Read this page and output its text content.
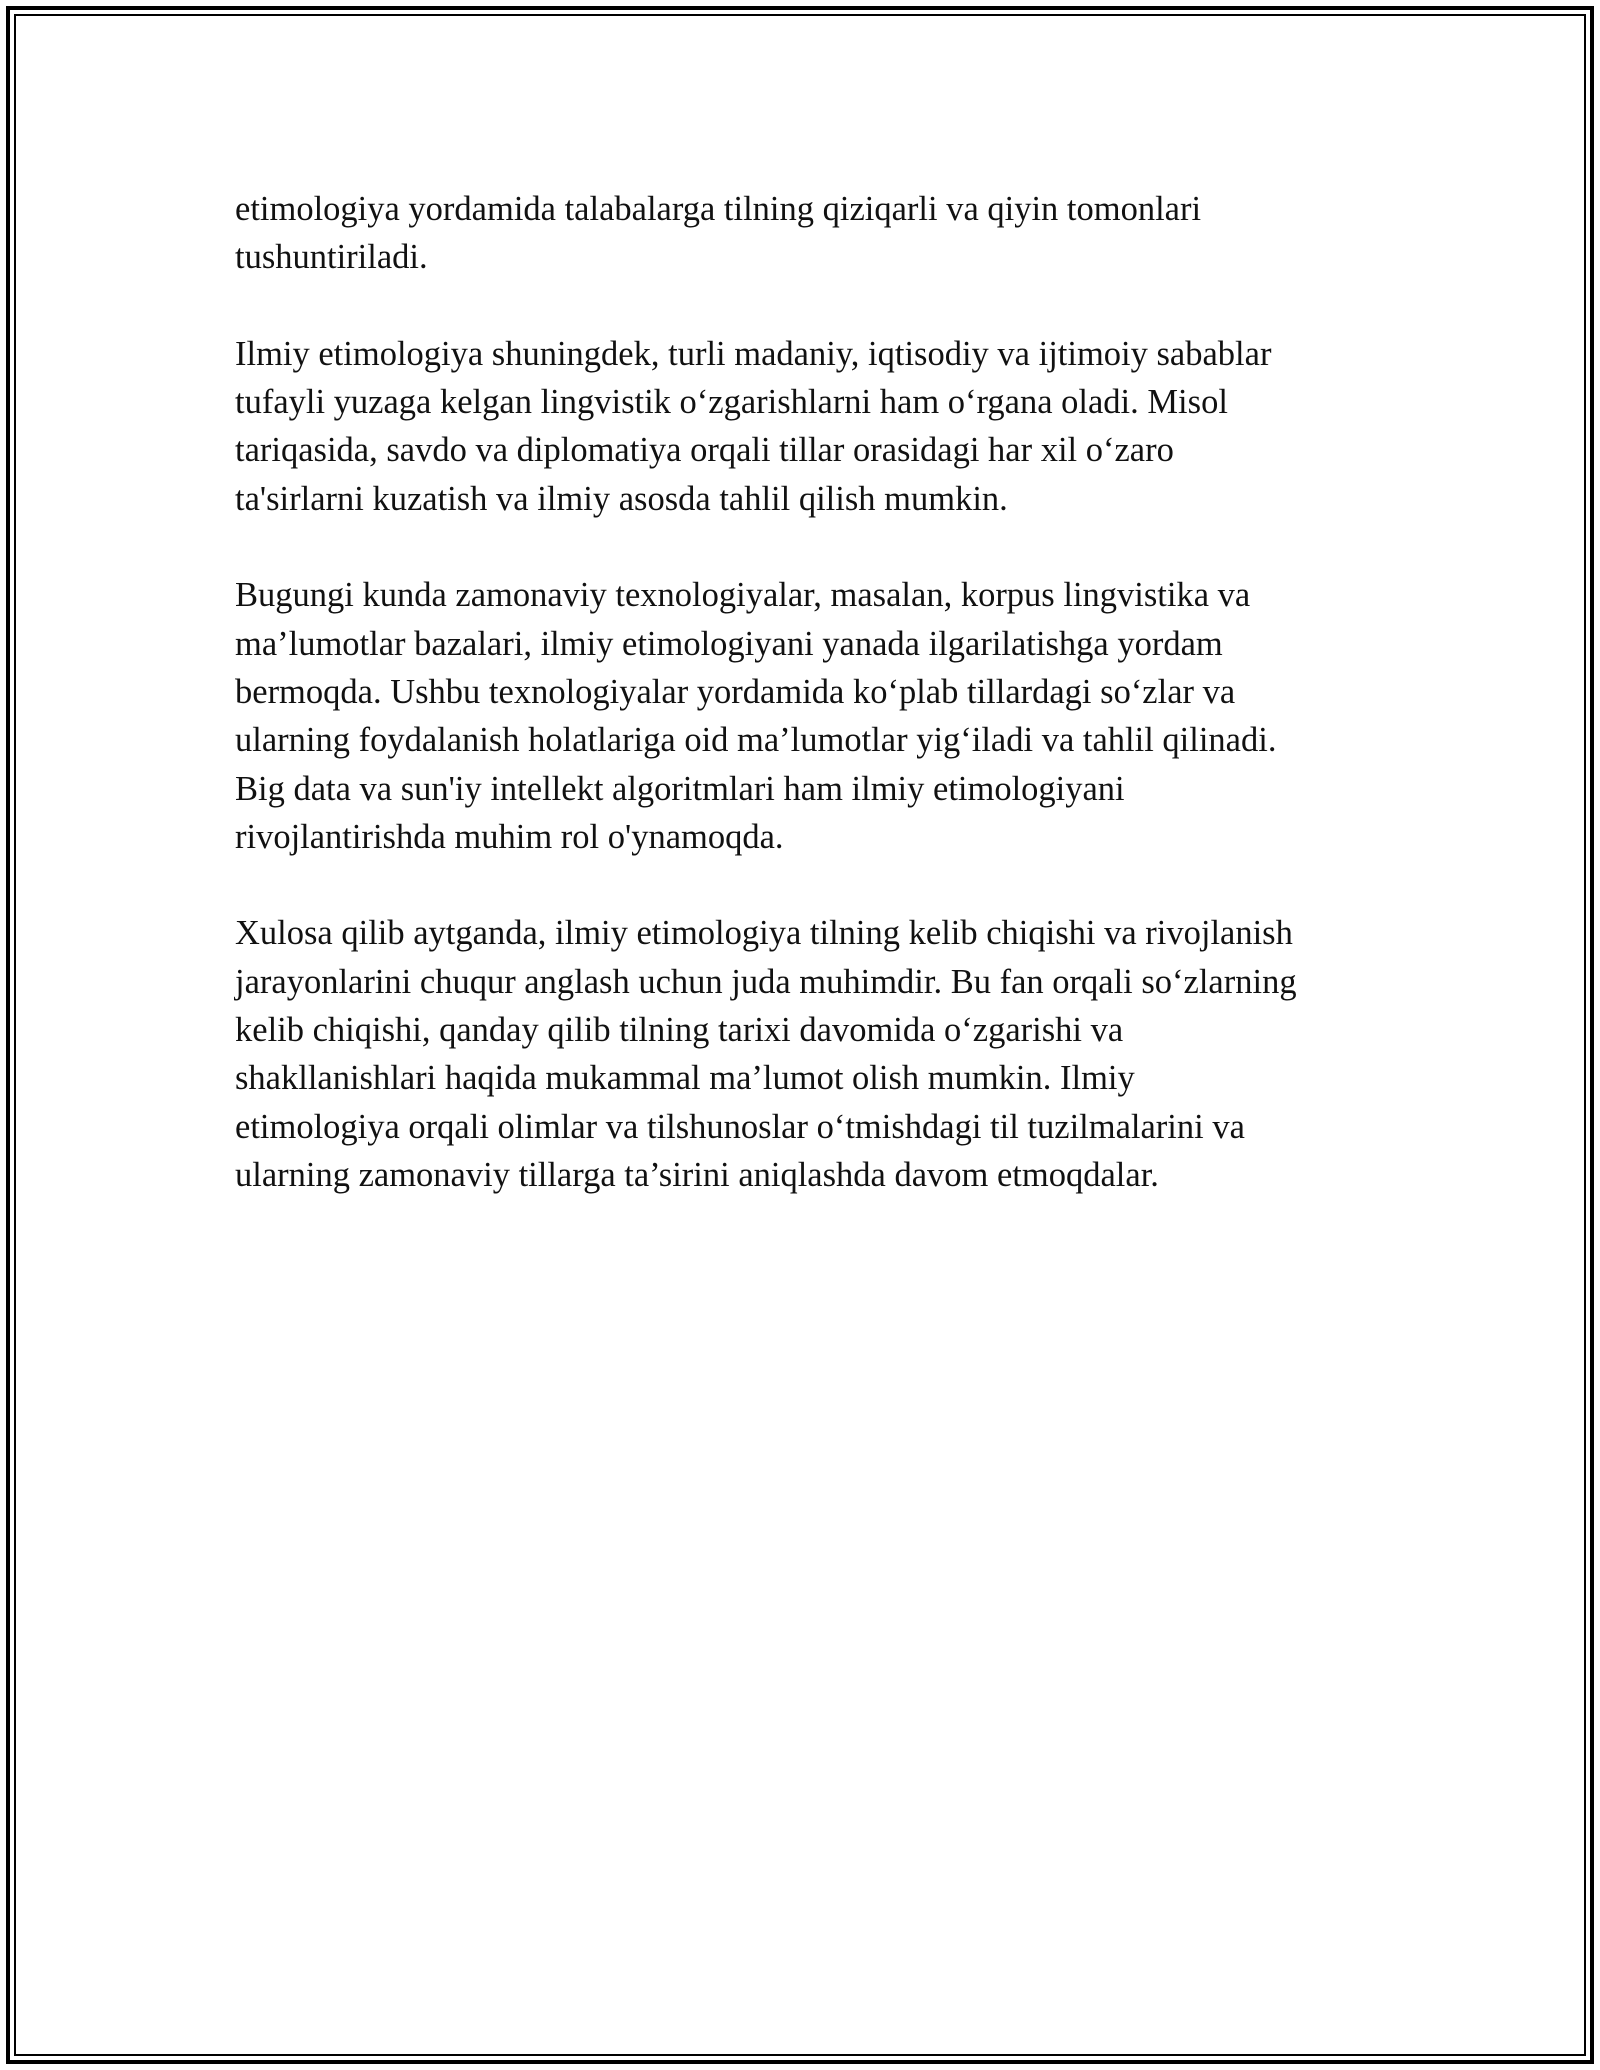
etimologiya yordamida talabalarga tilning qiziqarli va qiyin tomonlari
tushuntiriladi.

Ilmiy etimologiya shuningdek, turli madaniy, iqtisodiy va ijtimoiy sabablar
tufayli yuzaga kelgan lingvistik o‘zgarishlarni ham o‘rgana oladi. Misol
tariqasida, savdo va diplomatiya orqali tillar orasidagi har xil o‘zaro
ta'sirlarni kuzatish va ilmiy asosda tahlil qilish mumkin.

Bugungi kunda zamonaviy texnologiyalar, masalan, korpus lingvistika va
ma’lumotlar bazalari, ilmiy etimologiyani yanada ilgarilatishga yordam
bermoqda. Ushbu texnologiyalar yordamida ko‘plab tillardagi so‘zlar va
ularning foydalanish holatlariga oid ma’lumotlar yig‘iladi va tahlil qilinadi.
Big data va sun'iy intellekt algoritmlari ham ilmiy etimologiyani
rivojlantirishda muhim rol o'ynamoqda.

Xulosa qilib aytganda, ilmiy etimologiya tilning kelib chiqishi va rivojlanish
jarayonlarini chuqur anglash uchun juda muhimdir. Bu fan orqali so‘zlarning
kelib chiqishi, qanday qilib tilning tarixi davomida o‘zgarishi va
shakllanishlari haqida mukammal ma’lumot olish mumkin. Ilmiy
etimologiya orqali olimlar va tilshunoslar o‘tmishdagi til tuzilmalarini va
ularning zamonaviy tillarga ta’sirini aniqlashda davom etmoqdalar.
